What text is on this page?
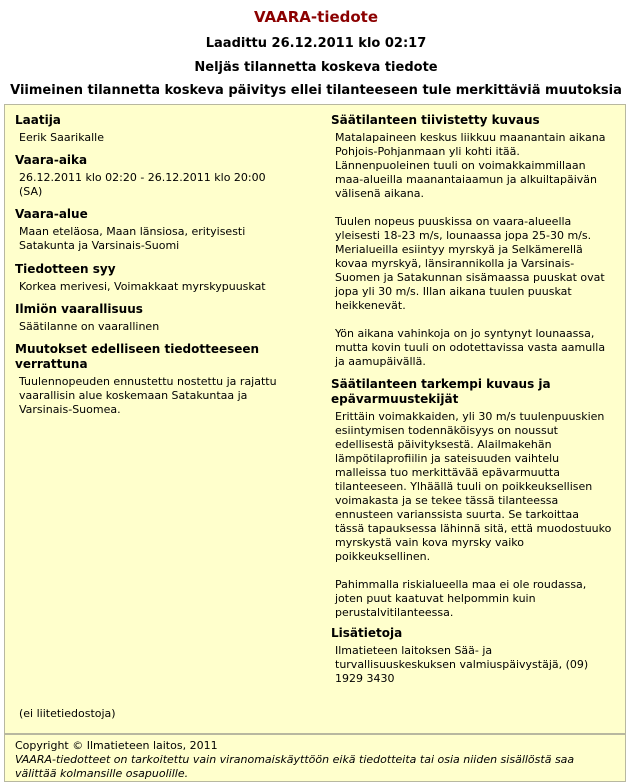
VAARA-tiedote
Laadittu 26.12.2011 klo 02:17
Neljäs tilannetta koskeva tiedote
Viimeinen tilannetta koskeva päivitys ellei tilanteeseen tule merkittäviä muutoksia
Laatija

Eerik Saarikalle

Vaara-aika

26.12.2011 klo 02:20 - 26.12.2011 klo 20:00

(SA)

Vaara-alue

Maan eteläosa, Maan länsiosa, erityisesti

Satakunta ja Varsinais-Suomi

Tiedotteen syy

Korkea merivesi, Voimakkaat myrskypuuskat

Ilmiön vaarallisuus

Säätilanne on vaarallinen

Muutokset edelliseen tiedotteeseen
verrattuna

Tuulennopeuden ennustettu nostettu ja rajattu

vaarallisin alue koskemaan Satakuntaa ja

Varsinais-Suomea.

Säätilanteen tiivistetty kuvaus

Matalapaineen keskus liikkuu maanantain aikana

Pohjois-Pohjanmaan yli kohti itää.

Lännenpuoleinen tuuli on voimakkaimmillaan

maa-alueilla maanantaiaamun ja alkuiltapäivän

välisenä aikana.

Tuulen nopeus puuskissa on vaara-alueella

yleisesti 18-23 m/s, lounaassa jopa 25-30 m/s.

Merialueilla esiintyy myrskyä ja Selkämerellä

kovaa myrskyä, länsirannikolla ja Varsinais-

Suomen ja Satakunnan sisämaassa puuskat ovat

jopa yli 30 m/s. Illan aikana tuulen puuskat

heikkenevät.

Yön aikana vahinkoja on jo syntynyt lounaassa,

mutta kovin tuuli on odotettavissa vasta aamulla

ja aamupäivällä.

Säätilanteen tarkempi kuvaus ja
epävarmuustekijät

Erittäin voimakkaiden, yli 30 m/s tuulenpuuskien

esiintymisen todennäköisyys on noussut

edellisestä päivityksestä. Alailmakehän

lämpötilaprofiilin ja sateisuuden vaihtelu

malleissa tuo merkittävää epävarmuutta

tilanteeseen. Ylhäällä tuuli on poikkeuksellisen

voimakasta ja se tekee tässä tilanteessa

ennusteen varianssista suurta. Se tarkoittaa

tässä tapauksessa lähinnä sitä, että muodostuuko

myrskystä vain kova myrsky vaiko

poikkeuksellinen.

Pahimmalla riskialueella maa ei ole roudassa,

joten puut kaatuvat helpommin kuin

perustalvitilanteessa.

Lisätietoja

Ilmatieteen laitoksen Sää- ja

turvallisuuskeskuksen valmiuspäivystäjä, (09)

1929 3430

(ei liitetiedostoja)
Copyright © Ilmatieteen laitos, 2011
VAARA-tiedotteet on tarkoitettu vain viranomaiskäyttöön eikä tiedotteita tai osia niiden sisällöstä saa välittää kolmansille osapuolille.
